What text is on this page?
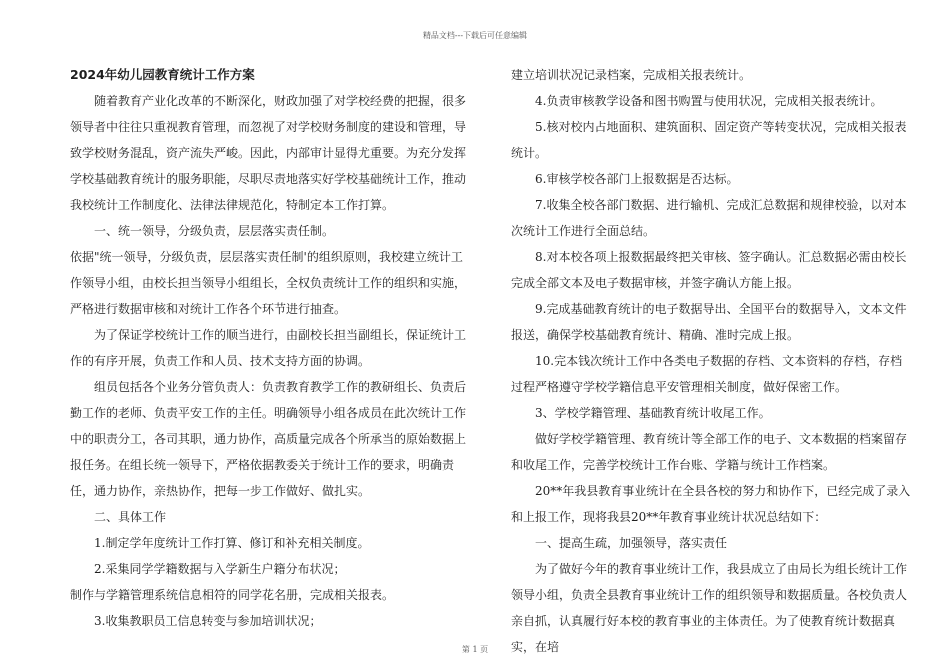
精品文档---下载后可任意编辑
2024年幼儿园教育统计工作方案

随着教育产业化改革的不断深化，财政加强了对学校经费的把握，很多领导者中往往只重视教育管理，而忽视了对学校财务制度的建设和管理，导致学校财务混乱，资产流失严峻。因此，内部审计显得尤重要。为充分发挥学校基础教育统计的服务职能，尽职尽责地落实好学校基础统计工作，推动我校统计工作制度化、法律法律规范化，特制定本工作打算。

一、统一领导，分级负责，层层落实责任制。

依据"统一领导，分级负责，层层落实责任制'的组织原则，我校建立统计工作领导小组，由校长担当领导小组组长，全权负责统计工作的组织和实施，严格进行数据审核和对统计工作各个环节进行抽查。

为了保证学校统计工作的顺当进行，由副校长担当副组长，保证统计工作的有序开展，负责工作和人员、技术支持方面的协调。

组员包括各个业务分管负责人：负责教育教学工作的教研组长、负责后勤工作的老师、负责平安工作的主任。明确领导小组各成员在此次统计工作中的职责分工，各司其职，通力协作，高质量完成各个所承当的原始数据上报任务。在组长统一领导下，严格依据教委关于统计工作的要求，明确责任，通力协作，亲热协作，把每一步工作做好、做扎实。

二、具体工作

1.制定学年度统计工作打算、修订和补充相关制度。

2.采集同学学籍数据与入学新生户籍分布状况；

制作与学籍管理系统信息相符的同学花名册，完成相关报表。

3.收集教职员工信息转变与参加培训状况；

建立培训状况记录档案，完成相关报表统计。

4.负责审核教学设备和图书购置与使用状况，完成相关报表统计。

5.核对校内占地面积、建筑面积、固定资产等转变状况，完成相关报表统计。

6.审核学校各部门上报数据是否达标。

7.收集全校各部门数据、进行输机、完成汇总数据和规律校验，以对本次统计工作进行全面总结。

8.对本校各项上报数据最终把关审核、签字确认。汇总数据必需由校长完成全部文本及电子数据审核，并签字确认方能上报。

9.完成基础教育统计的电子数据导出、全国平台的数据导入，文本文件报送，确保学校基础教育统计、精确、准时完成上报。

10.完本钱次统计工作中各类电子数据的存档、文本资料的存档，存档过程严格遵守学校学籍信息平安管理相关制度，做好保密工作。

3、学校学籍管理、基础教育统计收尾工作。

做好学校学籍管理、教育统计等全部工作的电子、文本数据的档案留存和收尾工作，完善学校统计工作台账、学籍与统计工作档案。

20**年我县教育事业统计在全县各校的努力和协作下，已经完成了录入和上报工作，现将我县20**年教育事业统计状况总结如下：

一、提高生疏，加强领导，落实责任

为了做好今年的教育事业统计工作，我县成立了由局长为组长统计工作领导小组，负责全县教育事业统计工作的组织领导和数据质量。各校负责人亲自抓，认真履行好本校的教育事业的主体责任。为了使教育统计数据真实，在培

第 1 页
